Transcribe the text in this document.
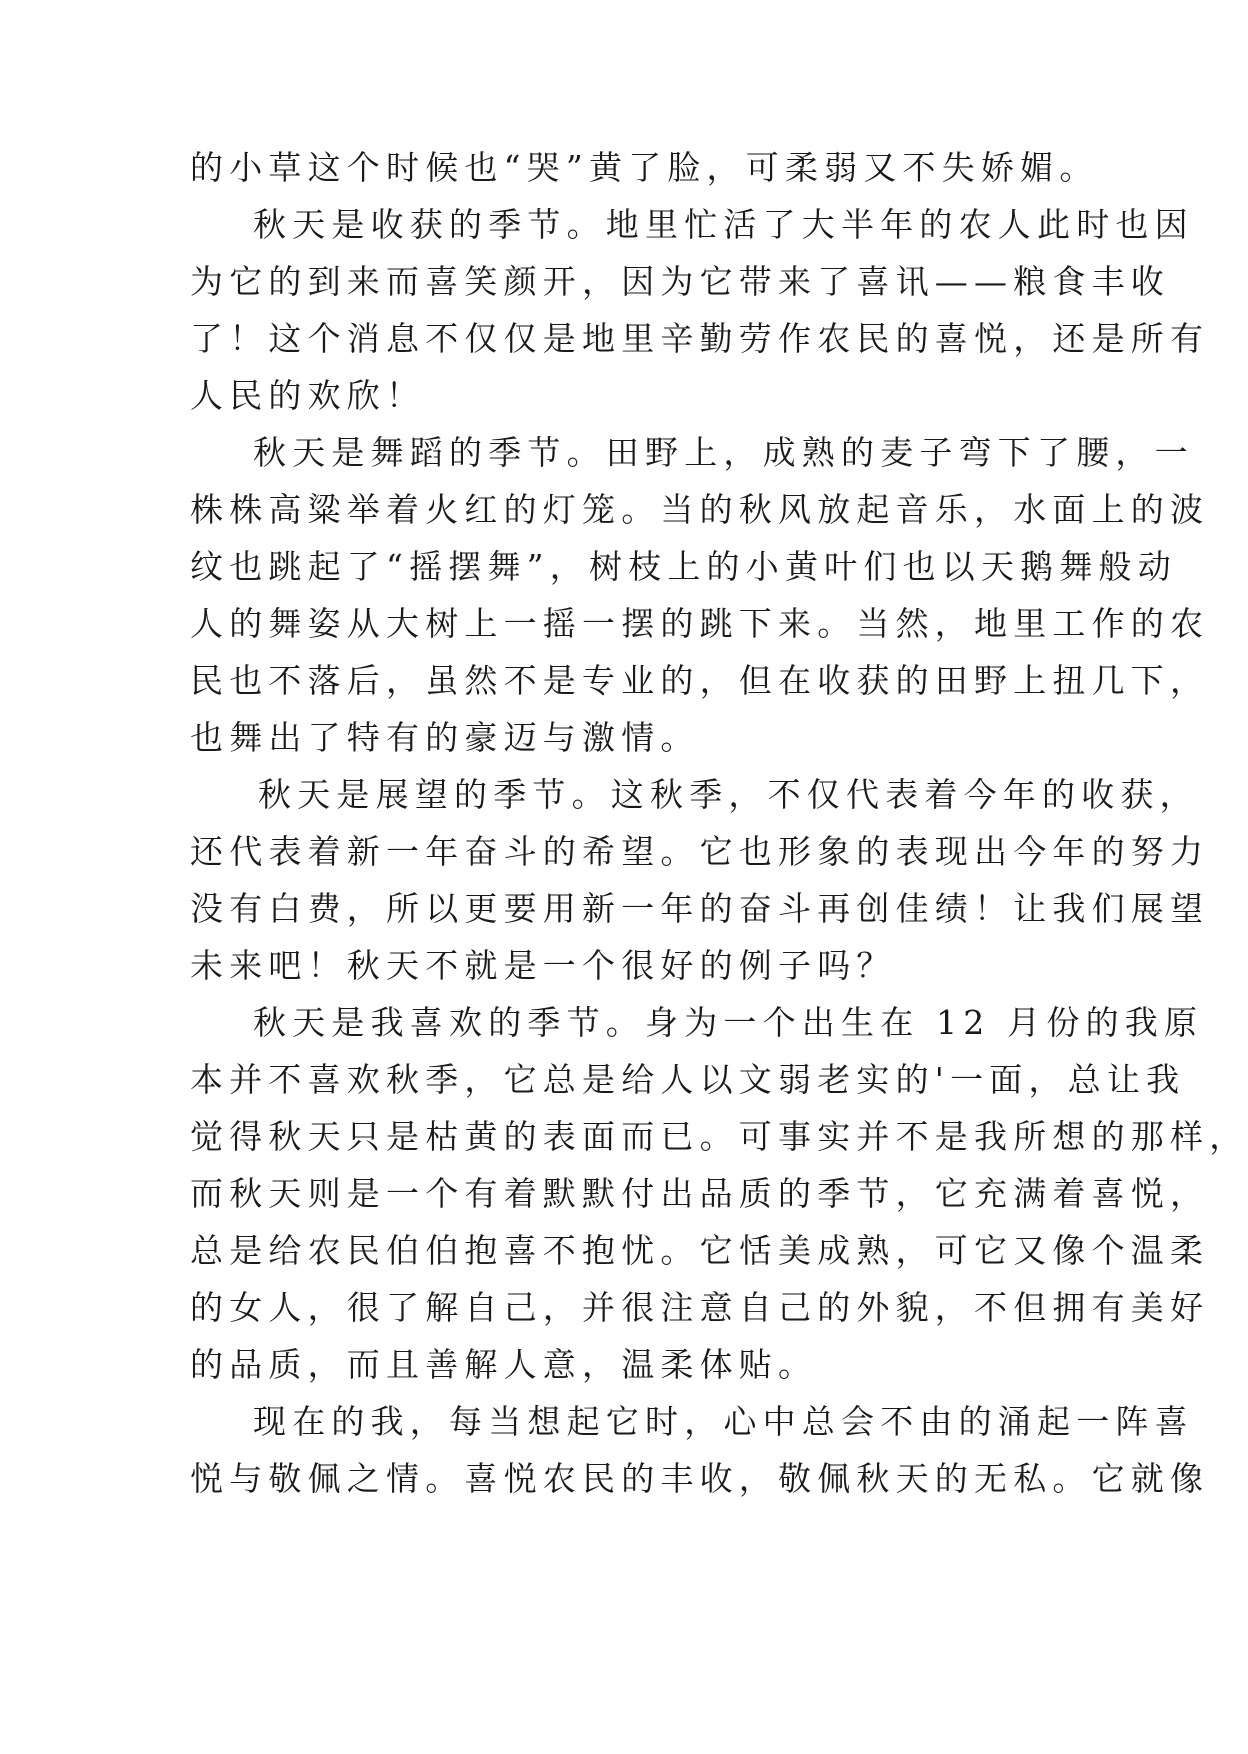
的小草这个时候也“哭”黄了脸，可柔弱又不失娇媚。
秋天是收获的季节。地里忙活了大半年的农人此时也因
为它的到来而喜笑颜开，因为它带来了喜讯——粮食丰收
了！这个消息不仅仅是地里辛勤劳作农民的喜悦，还是所有
人民的欢欣！
秋天是舞蹈的季节。田野上，成熟的麦子弯下了腰，一
株株高粱举着火红的灯笼。当的秋风放起音乐，水面上的波
纹也跳起了“摇摆舞”，树枝上的小黄叶们也以天鹅舞般动
人的舞姿从大树上一摇一摆的跳下来。当然，地里工作的农
民也不落后，虽然不是专业的，但在收获的田野上扭几下，
也舞出了特有的豪迈与激情。
秋天是展望的季节。这秋季，不仅代表着今年的收获，
还代表着新一年奋斗的希望。它也形象的表现出今年的努力
没有白费，所以更要用新一年的奋斗再创佳绩！让我们展望
未来吧！秋天不就是一个很好的例子吗？
秋天是我喜欢的季节。身为一个出生在 12 月份的我原
本并不喜欢秋季，它总是给人以文弱老实的'一面，总让我
觉得秋天只是枯黄的表面而已。可事实并不是我所想的那样，
而秋天则是一个有着默默付出品质的季节，它充满着喜悦，
总是给农民伯伯抱喜不抱忧。它恬美成熟，可它又像个温柔
的女人，很了解自己，并很注意自己的外貌，不但拥有美好
的品质，而且善解人意，温柔体贴。
现在的我，每当想起它时，心中总会不由的涌起一阵喜
悦与敬佩之情。喜悦农民的丰收，敬佩秋天的无私。它就像
